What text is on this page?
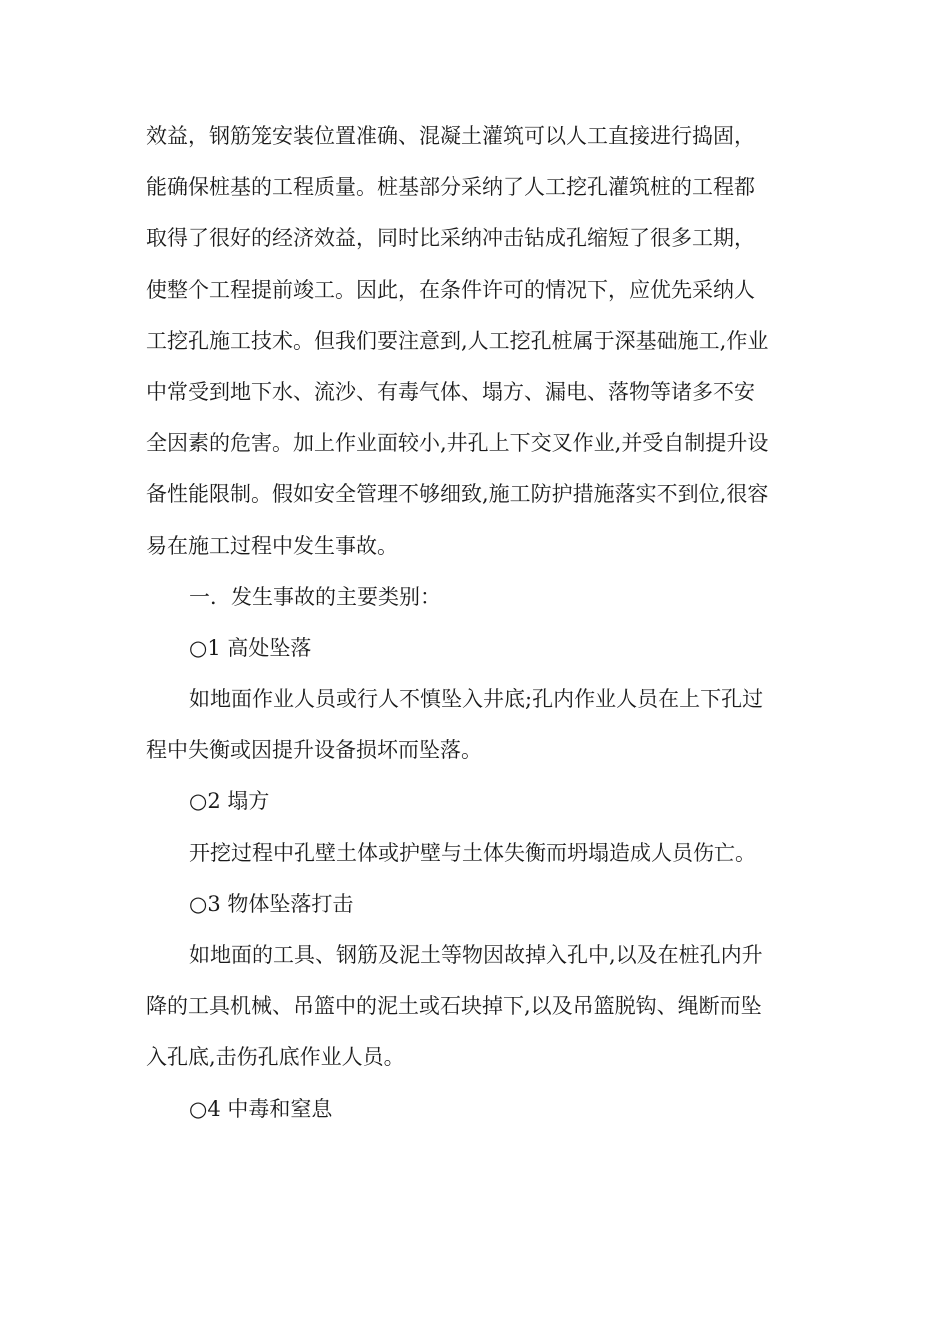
效益，钢筋笼安装位置准确、混凝土灌筑可以人工直接进行捣固，
能确保桩基的工程质量。桩基部分采纳了人工挖孔灌筑桩的工程都
取得了很好的经济效益，同时比采纳冲击钻成孔缩短了很多工期，
使整个工程提前竣工。因此，在条件许可的情况下，应优先采纳人
工挖孔施工技术。但我们要注意到,人工挖孔桩属于深基础施工,作业
中常受到地下水、流沙、有毒气体、塌方、漏电、落物等诸多不安
全因素的危害。加上作业面较小,井孔上下交叉作业,并受自制提升设
备性能限制。假如安全管理不够细致,施工防护措施落实不到位,很容
易在施工过程中发生事故。
一．发生事故的主要类别：
○1 高处坠落
如地面作业人员或行人不慎坠入井底;孔内作业人员在上下孔过
程中失衡或因提升设备损坏而坠落。
○2 塌方
开挖过程中孔壁土体或护壁与土体失衡而坍塌造成人员伤亡。
○3 物体坠落打击
如地面的工具、钢筋及泥土等物因故掉入孔中,以及在桩孔内升
降的工具机械、吊篮中的泥土或石块掉下,以及吊篮脱钩、绳断而坠
入孔底,击伤孔底作业人员。
○4 中毒和窒息
